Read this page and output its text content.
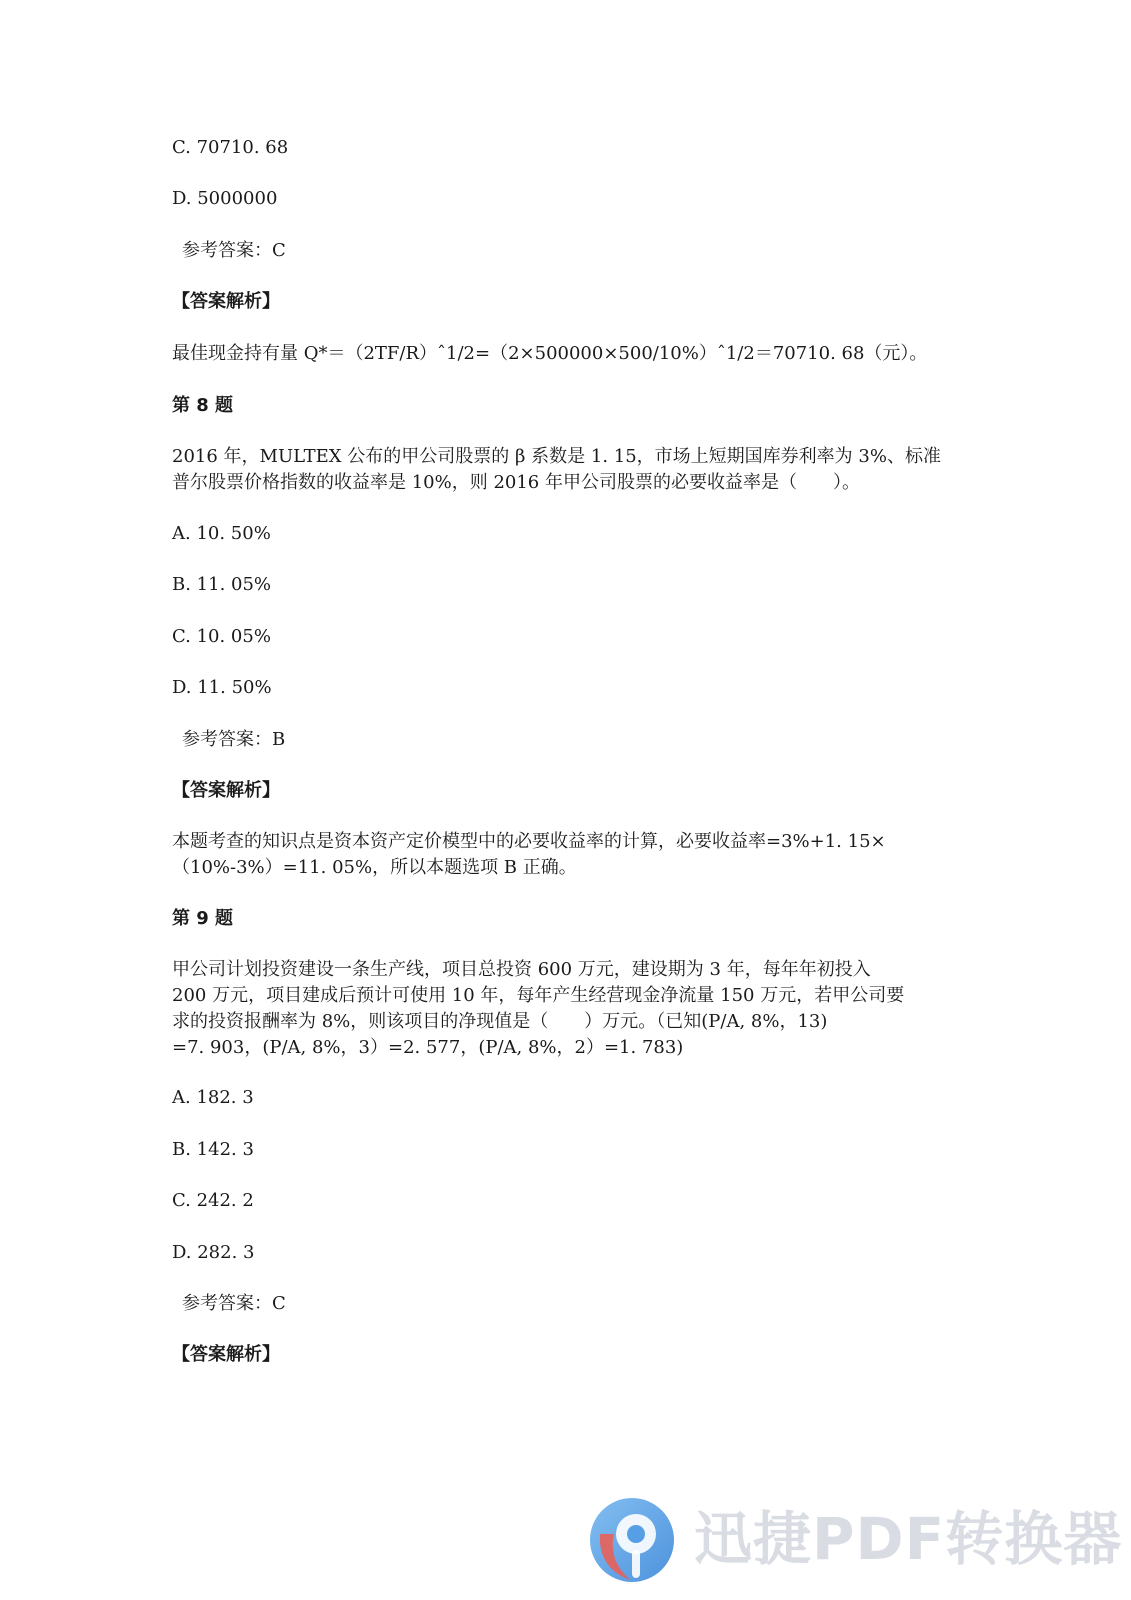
C. 70710. 68
D. 5000000
参考答案：C
【答案解析】
最佳现金持有量 Q*＝（2TF/R）ˆ1/2=（2×500000×500/10%）ˆ1/2＝70710. 68（元）。
第 8 题
2016 年，MULTEX 公布的甲公司股票的 β 系数是 1. 15，市场上短期国库券利率为 3%、标准
普尔股票价格指数的收益率是 10%，则 2016 年甲公司股票的必要收益率是（　　）。
A. 10. 50%
B. 11. 05%
C. 10. 05%
D. 11. 50%
参考答案：B
【答案解析】
本题考查的知识点是资本资产定价模型中的必要收益率的计算，必要收益率=3%+1. 15×
（10%-3%）=11. 05%，所以本题选项 B 正确。
第 9 题
甲公司计划投资建设一条生产线，项目总投资 600 万元，建设期为 3 年，每年年初投入
200 万元，项目建成后预计可使用 10 年，每年产生经营现金净流量 150 万元，若甲公司要
求的投资报酬率为 8%，则该项目的净现值是（　　）万元。（已知(P/A, 8%，13)
=7. 903，(P/A, 8%，3）=2. 577，(P/A, 8%，2）=1. 783)
A. 182. 3
B. 142. 3
C. 242. 2
D. 282. 3
参考答案：C
【答案解析】
迅捷PDF转换器
